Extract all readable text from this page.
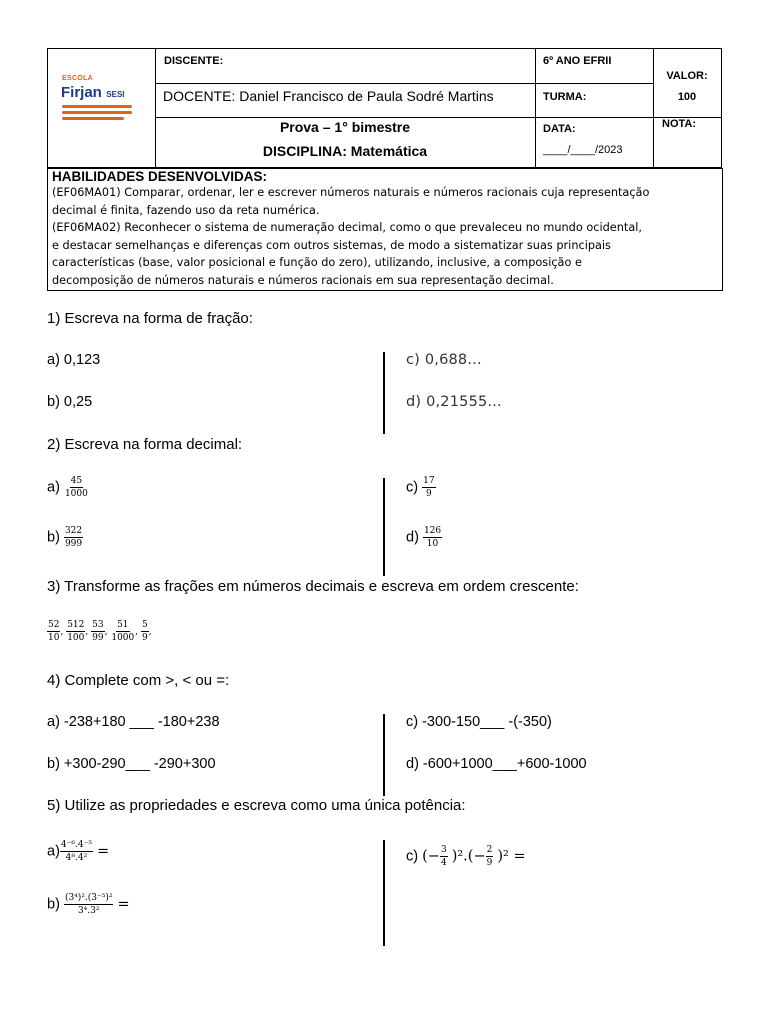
ESCOLA
Firjan SESI
DISCENTE:
DOCENTE: Daniel Francisco de Paula Sodré Martins
Prova – 1° bimestre
DISCIPLINA: Matemática
6º ANO EFRII
TURMA:
DATA:
____/____/2023
VALOR:
100
NOTA:
HABILIDADES DESENVOLVIDAS:
(EF06MA01) Comparar, ordenar, ler e escrever números naturais e números racionais cuja representação
decimal é finita, fazendo uso da reta numérica.
(EF06MA02) Reconhecer o sistema de numeração decimal, como o que prevaleceu no mundo ocidental,
e destacar semelhanças e diferenças com outros sistemas, de modo a sistematizar suas principais
características (base, valor posicional e função do zero), utilizando, inclusive, a composição e
decomposição de números naturais e números racionais em sua representação decimal.
1) Escreva na forma de fração:
a) 0,123
b) 0,25
c) 0,688...
d) 0,21555...
2) Escreva na forma decimal:
$a) \frac{45}{1000}$
$b) \frac{322}{999}$
$c) \frac{17}{9}$
$d) \frac{126}{10}$
3) Transforme as frações em números decimais e escreva em ordem crescente:
$\frac{52}{10}$ , $\frac{512}{100}$ , $\frac{53}{99}$ , $\frac{51}{1000}$ , $\frac{5}{9}$ ,
4) Complete com >, < ou =:
a) -238+180 ___ -180+238
b) +300-290___ -290+300
c) -300-150___ -(-350)
d) -600+1000___+600-1000
5) Utilize as propriedades e escreva como uma única potência:
$a) \frac{\text{4⁻⁶.4⁻⁵}}{\text{4⁸.4²}}$ =
$b) \frac{\text{(3⁴)².(3⁻⁵)²}}{\text{3⁴.3²}}$ =
c) (− $\frac{3}{4} )^2.(- \frac{2}{9} )^2$ =
